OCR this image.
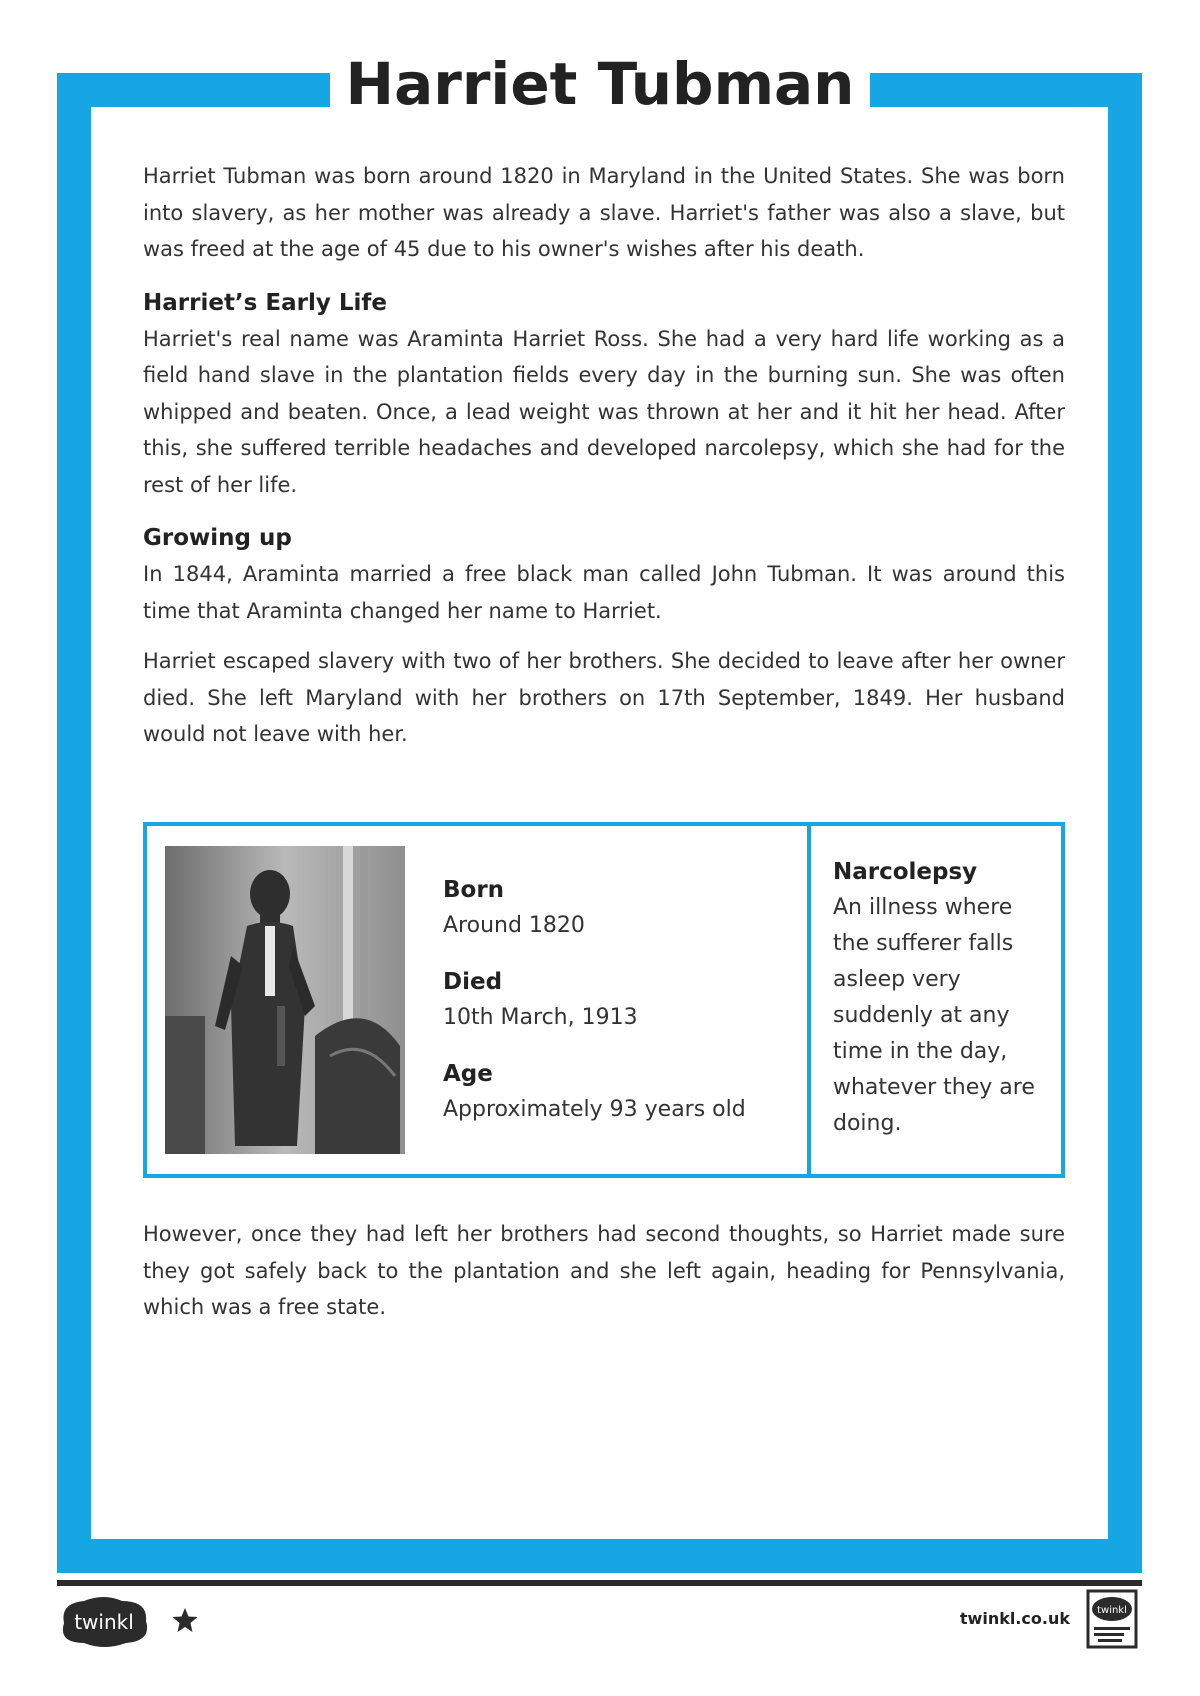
Harriet Tubman

Harriet Tubman was born around 1820 in Maryland in the United States. She was born into slavery, as her mother was already a slave. Harriet's father was also a slave, but was freed at the age of 45 due to his owner's wishes after his death.

Harriet’s Early Life

Harriet's real name was Araminta Harriet Ross. She had a very hard life working as a field hand slave in the plantation fields every day in the burning sun. She was often whipped and beaten. Once, a lead weight was thrown at her and it hit her head. After this, she suffered terrible headaches and developed narcolepsy, which she had for the rest of her life.

Growing up

In 1844, Araminta married a free black man called John Tubman. It was around this time that Araminta changed her name to Harriet.

Harriet escaped slavery with two of her brothers. She decided to leave after her owner died. She left Maryland with her brothers on 17th September, 1849. Her husband would not leave with her.

Born
Around 1820
Died
10th March, 1913
Age
Approximately 93 years old
Narcolepsy
An illness where the sufferer falls asleep very suddenly at any time in the day, whatever they are doing.

However, once they had left her brothers had second thoughts, so Harriet made sure they got safely back to the plantation and she left again, heading for Pennsylvania, which was a free state.

twinkl	twinkl.co.uk	twinkl
